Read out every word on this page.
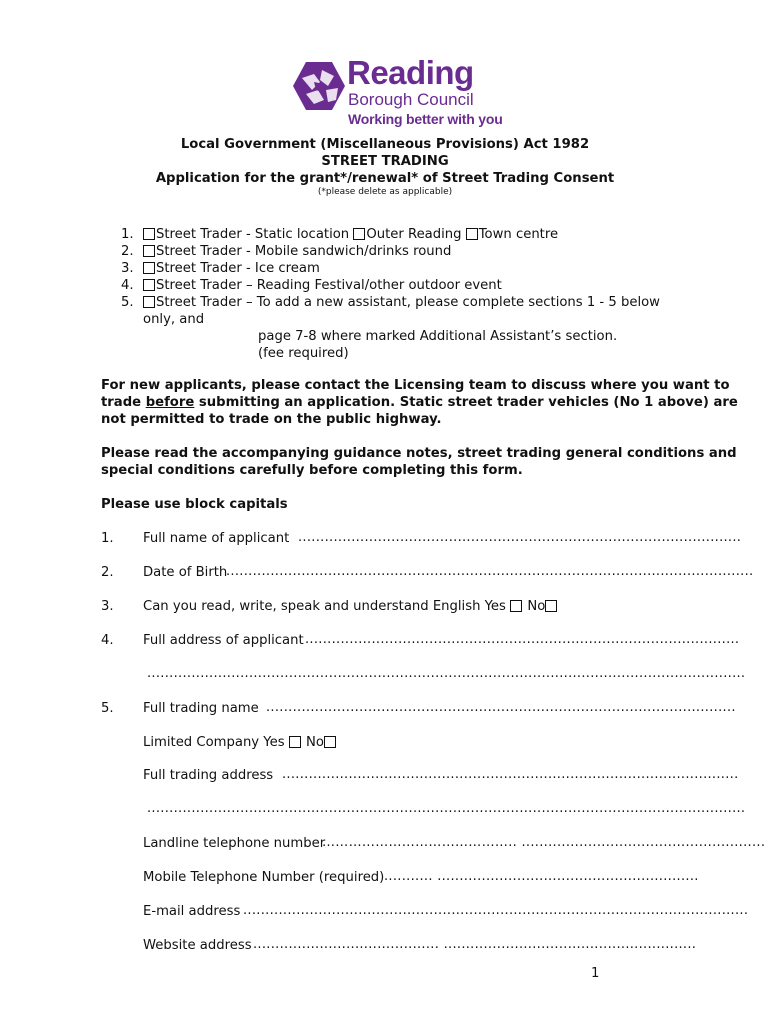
Reading
Borough Council
Working better with you
Local Government (Miscellaneous Provisions) Act 1982
STREET TRADING
Application for the grant*/renewal* of Street Trading Consent
(*please delete as applicable)
1. Street Trader - Static location Outer Reading Town centre
2. Street Trader - Mobile sandwich/drinks round
3. Street Trader - Ice cream
4. Street Trader – Reading Festival/other outdoor event
5. Street Trader – To add a new assistant, please complete sections 1 - 5 below
only, and
page 7-8 where marked Additional Assistant’s section.
(fee required)
For new applicants, please contact the Licensing team to discuss where you want to
trade before submitting an application. Static street trader vehicles (No 1 above) are
not permitted to trade on the public highway.
Please read the accompanying guidance notes, street trading general conditions and
special conditions carefully before completing this form.
Please use block capitals
1. Full name of applicant ....................................................................................................
2. Date of Birth
.......................................................................................................................
3. Can you read, write, speak and understand English Yes No
4. Full address of applicant ..................................................................................................
.......................................................................................................................................
5. Full trading name ..........................................................................................................
Limited Company Yes No
Full trading address .......................................................................................................
.......................................................................................................................................
Landline telephone number
…………………………………….. .......................................................
Mobile Telephone Number (required) ........... ...........................................................
E-mail address ..................................................................................................................
Website address ............................…........... .........................................................
1
